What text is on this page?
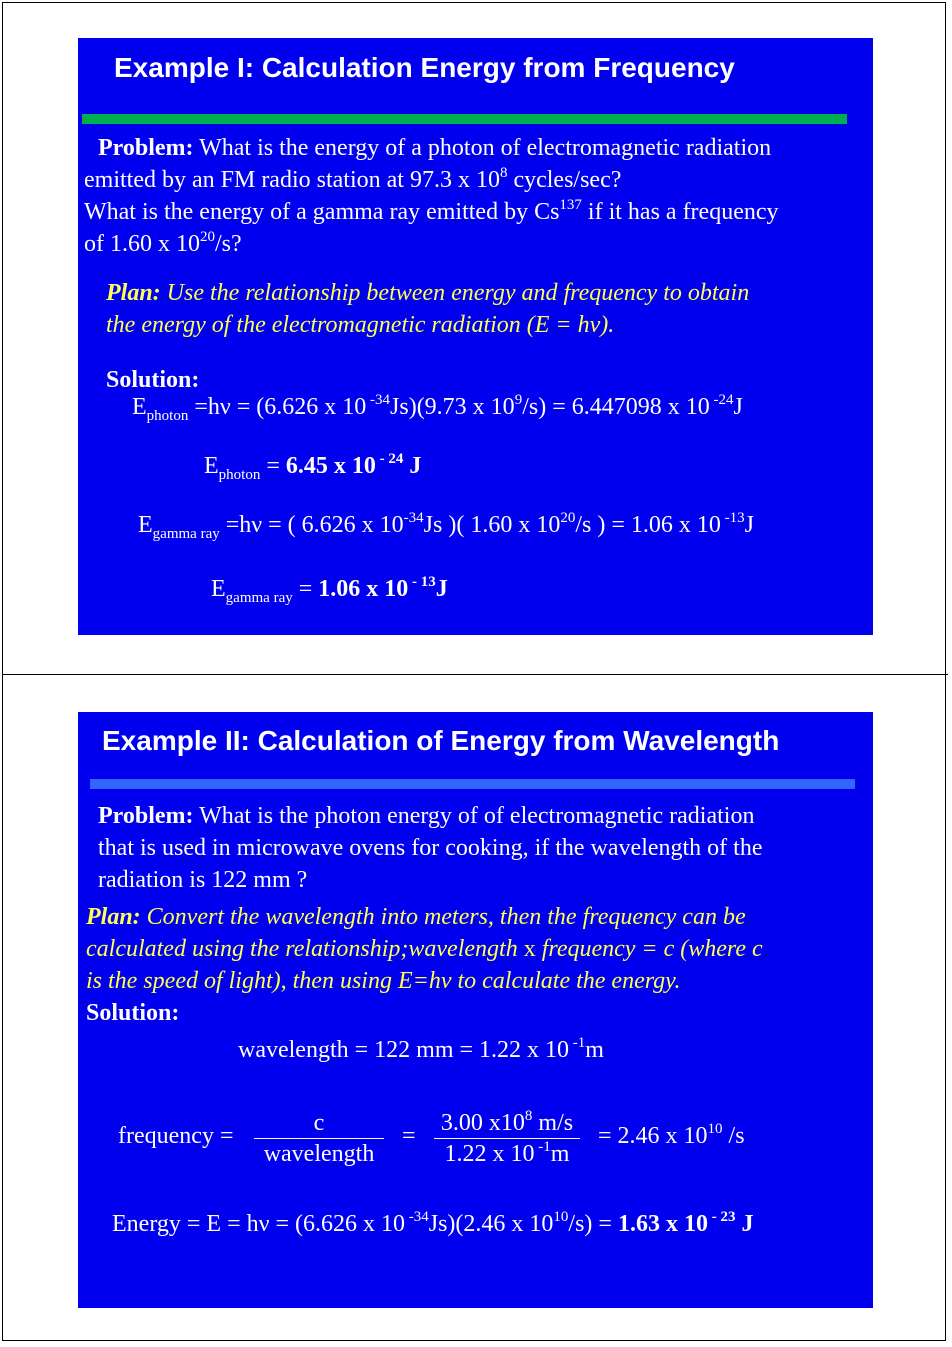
Example I: Calculation Energy from Frequency
Problem: What is the energy of a photon of electromagnetic radiation
emitted by an FM radio station at 97.3 x $10^8$ cycles/sec?
What is the energy of a gamma ray emitted by Cs$^{137}$ if it has a frequency
of 1.60 x $10^{20}/s$?
Plan: Use the relationship between energy and frequency to obtain
the energy of the electromagnetic radiation (E = hν).
Solution:
$E_{photon} =h\nu = (6.626$ x 10 $^{-34}$Js)(9.73 x $10^9/s) = 6.447098$ x 10 $^{-24}$J
$E_{photon} = 6.45$ x 10 $^{- 24}$ J
$E_{gamma ray} =h\nu$ = ( 6.626 x $10^{-34}Js$ )( 1.60 x $10^{20}/s$ ) = 1.06 x 10 $^{-13}$J
$E_{gamma ray} = 1.06$ x 10 $^{- 13}$J
Example II: Calculation of Energy from Wavelength
Problem: What is the photon energy of of electromagnetic radiation
that is used in microwave ovens for cooking, if the wavelength of the
radiation is 122 mm ?
Plan: Convert the wavelength into meters, then the frequency can be
calculated using the relationship;wavelength x frequency = c (where c
is the speed of light), then using E=hν to calculate the energy.
Solution:
wavelength = 122 mm = 1.22 x 10 $^{-1}$m
frequency =	c
wavelength
= $\frac{3.00 x10^8 m/s}{1.22 x 10 ^{-1}m} = 2.46$ x $10^{10}$ /s
Energy = E = hν = (6.626 x 10 $^{-34}$Js)(2.46 x $10^{10}/s) = 1.63$ x 10 $^{- 23}$ J
